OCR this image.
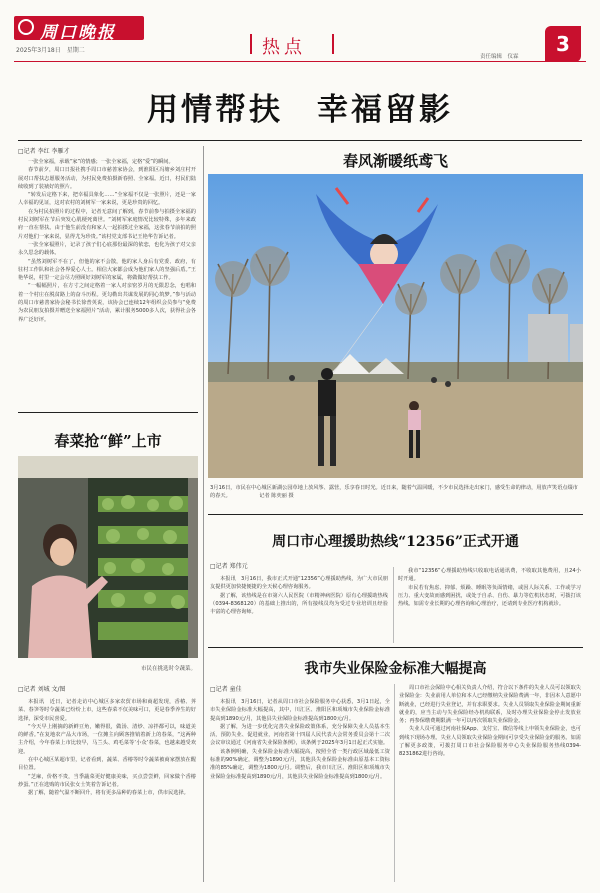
周口晚报
2025年3月18日　星期二	热点	责任编辑　仪霖
3
用情帮扶　幸福留影
□记者 李红 李雁才

一张全家福，承载“家”的情感；一张全家福，定格“爱”的瞬间。

春节前夕，周口日报社携手周口市慈善家协会，到淮阳区冯塘乡刘庄村开展对口帮扶志愿服务活动，为村民免费拍摄新春照、全家福。近日，村民们陆续收到了装裱好的照片。

“转发后定格下来，把幸福具象化……”全家福不仅是一张照片，还是一家人幸福的见证，这对农村的刘树军一家来说，更是珍贵的回忆。

在为村民拍照片的过程中，记者无意间了解到，春节前参与拍摄全家福的村民刘树军在节后突发心肌梗死离世。“刘树军家庭情况比较特殊，多年来政府一直在帮扶。由于他生前没有和家人一起拍摄过全家福，这张春节前拍的照片对他们一家来说，显得尤为珍贵。”该村党支部书记王艳华告诉记者。

一张全家福照片，记录了孩子们心底那份最深的依恋，也化为孩子对父亲永久思念的载体。

“虽然刘树军不在了，但他的家不会散，他的家人身后有党委、政府，有驻村工作队和社会各界爱心人士。相信大家都会成为他们家人的坚强后盾。”王艳华说，村里一定会尽力照顾好刘树军的家属，将做做好帮扶工作。

“一幅幅照片，在方寸之间定格着一家人对亲密岁月的无限思念，也唱和着一个村庄在脱贫路上的奋斗历程。更勾勒出共谋发展的同心筑梦。”参与活动的周口市慈善家协会秘书长徐普英说，该协会已连续12年组织会员参与“免费为农民朋友拍摄并赠送全家福照片”活动，累计服务5000多人次，获得社会各界广泛好评。

春菜抢“鲜”上市
市民在挑选时令蔬菜。
□记者 刘城 文/图

本报讯　近日，记者走访中心城区多家农贸市场和商超发现，香椿、荠菜、春笋等时令蔬菜已纷纷上市，这些春菜不仅美味可口，更是春季养生的好选择，深受市民喜爱。

“今天早上刚摘的新鲜豆角，嫩得很，做汤、清炒、凉拌都可以，味道美的鲜香。”在复地农产品大市场，一位摊主向顾客推销着新上的春菜，“这两种主介绍，今年春菜上市比较早，马兰头、鸡毛菜等‘小众’春菜，也越来越受欢迎。

在中心城区某超市里，记者看到，蔬菜、香椿等时令蔬菜被商家摆放在醒目位置。

“芝麻，价格不贵，当季蔬菜更好健康美味，买点尝尝鲜，回家做个香椿炒蛋。”正在选购的市民张女士笑着告诉记者。

据了解，随着气温不断回升，将有更多品种的春菜上市，供市民选择。

春风渐暖纸鸢飞
3月16日，市民在中心城区新湖公园草地上放风筝、露营，乐享春日时光。近日来，随着气温回暖，不少市民选择走出家门，感受生命的律动，用放声笑语点缀市的春天。　　　　　　记者 陈奕丽 摄
周口市心理援助热线“12356”正式开通
□记者 郑伟元

本报讯　3月16日，我市正式开通“12356”心理援助热线，为广大市民朋友提供更加快捷便捷的全天候心理咨询服务。

据了解，该热线是在市第六人民医院（市精神病医院）原有心理援助热线（0394-8368120）的基础上推出的，所有接线员均为受过专业培训且经验丰富的心理咨询师。

我市“12356”心理援助热线只收取电话通讯费，不收取其他费用，且24小时开通。

市民若有焦虑、抑郁、烦躁、睡眠等负面情绪，或因人际关系、工作或学习压力、重大变故而感到困扰，或处于自杀、自伤、暴力等危机状态时，可拨打该热线。如需专业长期的心理咨询和心理治疗，还请到专业医疗机构就诊。

我市失业保险金标准大幅提高
□记者 童佳

本报讯　3月16日，记者从周口市社会保险服务中心获悉，3月1日起，全市失业保险金标准大幅提高，其中，川汇区、淮阳区和项城市失业保险金标准提高到1890元/月，其他县失业保险金标准提高到1800元/月。

据了解，为进一步优化完善失业保险政策体系，充分保障失业人员基本生活，预防失业、促进就业，河南省第十四届人民代表大会常务委员会第十二次会议审议通过《河南省失业保险条例》，该条例于2025年3月1日起正式实施。

该条例明确，失业保险金标准大幅提高，按照全省一类行政区域最低工资标准的90%确定，调整为1890元/月，其他县失业保险金标准由原基本工资标准的85%确定，调整为1800元/月。调整后，我市川汇区、淮阳区和项城市失业保险金标准提高到1890元/月，其他县失业保险金标准提高到1800元/月。

周口市社会保险中心相关负责人介绍，符合以下条件的失业人员可以领取失业保险金：失业前用人单位和本人已经缴纳失业保险费满一年，非因本人意愿中断就业，已经进行失业登记，并有求职要求。失业人员领取失业保险金期间重新就业的，应当主动与失业保险经办机构联系，及时办理失业保险金停止发放业务；再参保缴费期限满一年可以再次领取失业保险金。

失业人员可通过河南社保App、支付宝、微信等线上申领失业保险金，也可到线下现场办理。失业人员领取失业保险金期间可享受失业保险金的服务。如需了解更多政策，可拨打周口市社会保险服务中心失业保险服务热线0394-8231862进行咨询。
